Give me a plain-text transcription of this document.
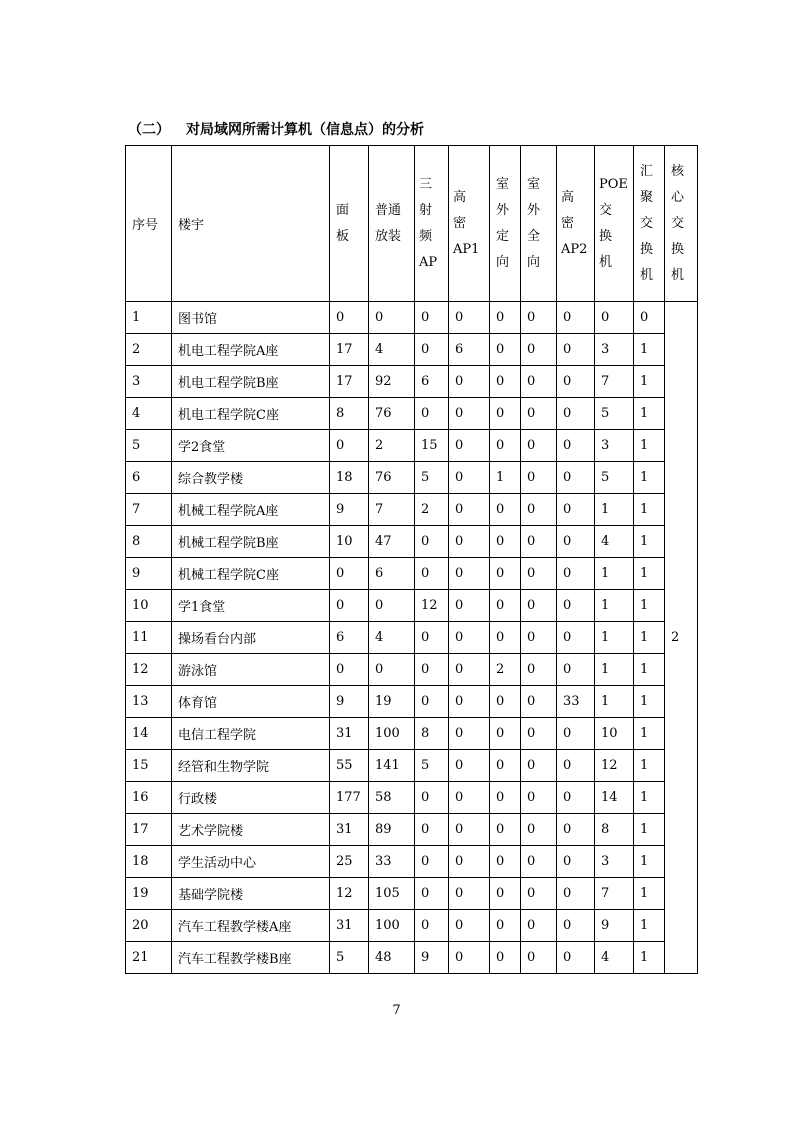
（二） 对局域网所需计算机（信息点）的分析
序号	楼宇	面板	普通放装	三
射
频
AP	高
密
AP1	室外定向	室外全向	高
密
AP2	POE
交
换
机	汇聚交换机	核心交换机
1	图书馆	0	0	0	0	0	0	0	0	0	2
2	机电工程学院A座	17	4	0	6	0	0	0	3	1	
3	机电工程学院B座	17	92	6	0	0	0	0	7	1	
4	机电工程学院C座	8	76	0	0	0	0	0	5	1	
5	学2食堂	0	2	15	0	0	0	0	3	1	
6	综合教学楼	18	76	5	0	1	0	0	5	1	
7	机械工程学院A座	9	7	2	0	0	0	0	1	1	
8	机械工程学院B座	10	47	0	0	0	0	0	4	1	
9	机械工程学院C座	0	6	0	0	0	0	0	1	1	
10	学1食堂	0	0	12	0	0	0	0	1	1	
11	操场看台内部	6	4	0	0	0	0	0	1	1	
12	游泳馆	0	0	0	0	2	0	0	1	1	
13	体育馆	9	19	0	0	0	0	33	1	1	
14	电信工程学院	31	100	8	0	0	0	0	10	1	
15	经管和生物学院	55	141	5	0	0	0	0	12	1	
16	行政楼	177	58	0	0	0	0	0	14	1	
17	艺术学院楼	31	89	0	0	0	0	0	8	1	
18	学生活动中心	25	33	0	0	0	0	0	3	1	
19	基础学院楼	12	105	0	0	0	0	0	7	1	
20	汽车工程教学楼A座	31	100	0	0	0	0	0	9	1	
21	汽车工程教学楼B座	5	48	9	0	0	0	0	4	1	
7
